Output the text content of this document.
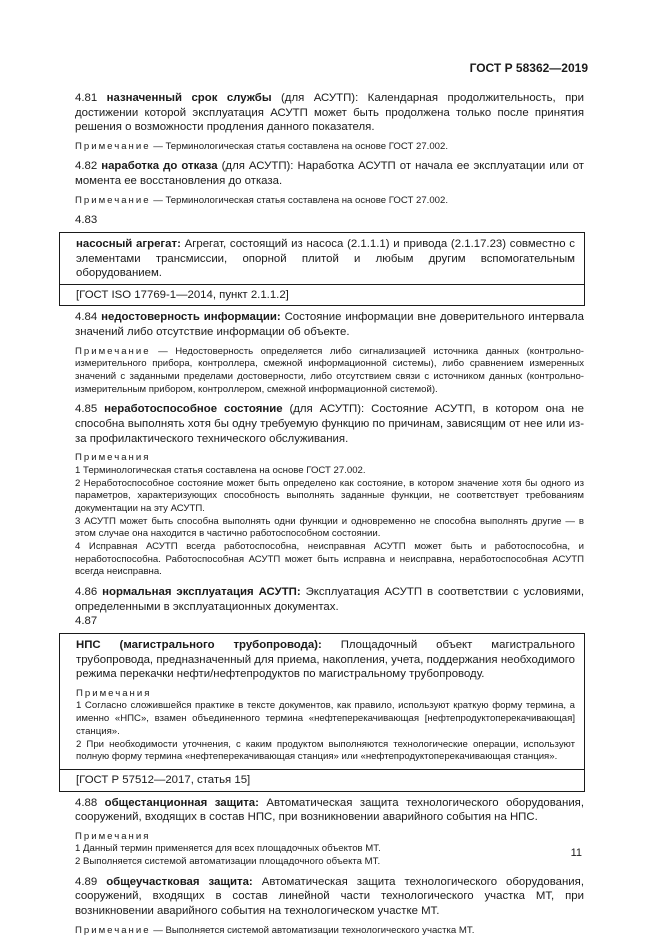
ГОСТ Р 58362—2019

4.81 назначенный срок службы (для АСУТП): Календарная продолжительность, при достижении которой эксплуатация АСУТП может быть продолжена только после принятия решения о возможности продления данного показателя.

Примечание — Терминологическая статья составлена на основе ГОСТ 27.002.

4.82 наработка до отказа (для АСУТП): Наработка АСУТП от начала ее эксплуатации или от момента ее восстановления до отказа.

Примечание — Терминологическая статья составлена на основе ГОСТ 27.002.

4.83

насосный агрегат: Агрегат, состоящий из насоса (2.1.1.1) и привода (2.1.17.23) совместно с элементами трансмиссии, опорной плитой и любым другим вспомогательным оборудованием.

[ГОСТ ISO 17769-1—2014, пункт 2.1.1.2]

4.84 недостоверность информации: Состояние информации вне доверительного интервала значений либо отсутствие информации об объекте.

Примечание — Недостоверность определяется либо сигнализацией источника данных (контрольно-измерительного прибора, контроллера, смежной информационной системы), либо сравнением измеренных значений с заданными пределами достоверности, либо отсутствием связи с источником данных (контрольно-измерительным прибором, контроллером, смежной информационной системой).

4.85 неработоспособное состояние (для АСУТП): Состояние АСУТП, в котором она не способна выполнять хотя бы одну требуемую функцию по причинам, зависящим от нее или из-за профилактического технического обслуживания.

Примечания

1 Терминологическая статья составлена на основе ГОСТ 27.002.

2 Неработоспособное состояние может быть определено как состояние, в котором значение хотя бы одного из параметров, характеризующих способность выполнять заданные функции, не соответствует требованиям документации на эту АСУТП.

3 АСУТП может быть способна выполнять одни функции и одновременно не способна выполнять другие — в этом случае она находится в частично работоспособном состоянии.

4 Исправная АСУТП всегда работоспособна, неисправная АСУТП может быть и работоспособна, и неработоспособна. Работоспособная АСУТП может быть исправна и неисправна, неработоспособная АСУТП всегда неисправна.

4.86 нормальная эксплуатация АСУТП: Эксплуатация АСУТП в соответствии с условиями, определенными в эксплуатационных документах.

4.87

НПС (магистрального трубопровода): Площадочный объект магистрального трубопровода, предназначенный для приема, накопления, учета, поддержания необходимого режима перекачки нефти/нефтепродуктов по магистральному трубопроводу.

Примечания

1 Согласно сложившейся практике в тексте документов, как правило, используют краткую форму термина, а именно «НПС», взамен объединенного термина «нефтеперекачивающая [нефтепродуктоперекачивающая] станция».

2 При необходимости уточнения, с каким продуктом выполняются технологические операции, используют полную форму термина «нефтеперекачивающая станция» или «нефтепродуктоперекачивающая станция».

[ГОСТ Р 57512—2017, статья 15]

4.88 общестанционная защита: Автоматическая защита технологического оборудования, сооружений, входящих в состав НПС, при возникновении аварийного события на НПС.

Примечания

1 Данный термин применяется для всех площадочных объектов МТ.

2 Выполняется системой автоматизации площадочного объекта МТ.

4.89 общеучастковая защита: Автоматическая защита технологического оборудования, сооружений, входящих в состав линейной части технологического участка МТ, при возникновении аварийного события на технологическом участке МТ.

Примечание — Выполняется системой автоматизации технологического участка МТ.

11
